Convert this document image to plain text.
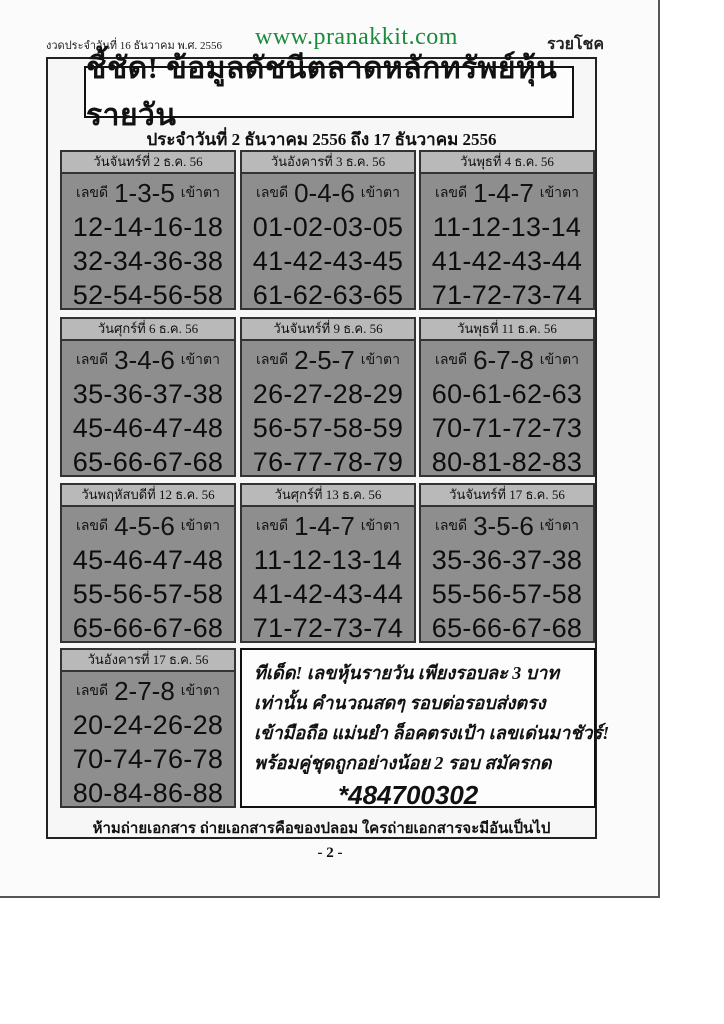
งวดประจำวันที่ 16 ธันวาคม พ.ศ. 2556 www.pranakkit.com	รวยโชค
ชี้ชัด! ข้อมูลดัชนีตลาดหลักทรัพย์หุ้นรายวัน
ประจำวันที่ 2 ธันวาคม 2556 ถึง 17 ธันวาคม 2556
วันจันทร์ที่ 2 ธ.ค. 56
เลขดี 1-3-5 เข้าตา
12-14-16-18
32-34-36-38
52-54-56-58
วันอังคารที่ 3 ธ.ค. 56
เลขดี 0-4-6 เข้าตา
01-02-03-05
41-42-43-45
61-62-63-65
วันพุธที่ 4 ธ.ค. 56
เลขดี 1-4-7 เข้าตา
11-12-13-14
41-42-43-44
71-72-73-74
วันศุกร์ที่ 6 ธ.ค. 56
เลขดี 3-4-6 เข้าตา
35-36-37-38
45-46-47-48
65-66-67-68
วันจันทร์ที่ 9 ธ.ค. 56
เลขดี 2-5-7 เข้าตา
26-27-28-29
56-57-58-59
76-77-78-79
วันพุธที่ 11 ธ.ค. 56
เลขดี 6-7-8 เข้าตา
60-61-62-63
70-71-72-73
80-81-82-83
วันพฤหัสบดีที่ 12 ธ.ค. 56
เลขดี 4-5-6 เข้าตา
45-46-47-48
55-56-57-58
65-66-67-68
วันศุกร์ที่ 13 ธ.ค. 56
เลขดี 1-4-7 เข้าตา
11-12-13-14
41-42-43-44
71-72-73-74
วันจันทร์ที่ 17 ธ.ค. 56
เลขดี 3-5-6 เข้าตา
35-36-37-38
55-56-57-58
65-66-67-68
วันอังคารที่ 17 ธ.ค. 56
เลขดี 2-7-8 เข้าตา
20-24-26-28
70-74-76-78
80-84-86-88
ทีเด็ด! เลขหุ้นรายวัน เพียงรอบละ 3 บาท
เท่านั้น คำนวณสดๆ รอบต่อรอบส่งตรง
เข้ามือถือ แม่นยำ ล็อคตรงเป้า เลขเด่นมาชัวร์!
พร้อมคู่ชุดถูกอย่างน้อย 2 รอบ สมัครกด
*484700302
ห้ามถ่ายเอกสาร ถ่ายเอกสารคือของปลอม ใครถ่ายเอกสารจะมีอันเป็นไป
- 2 -
